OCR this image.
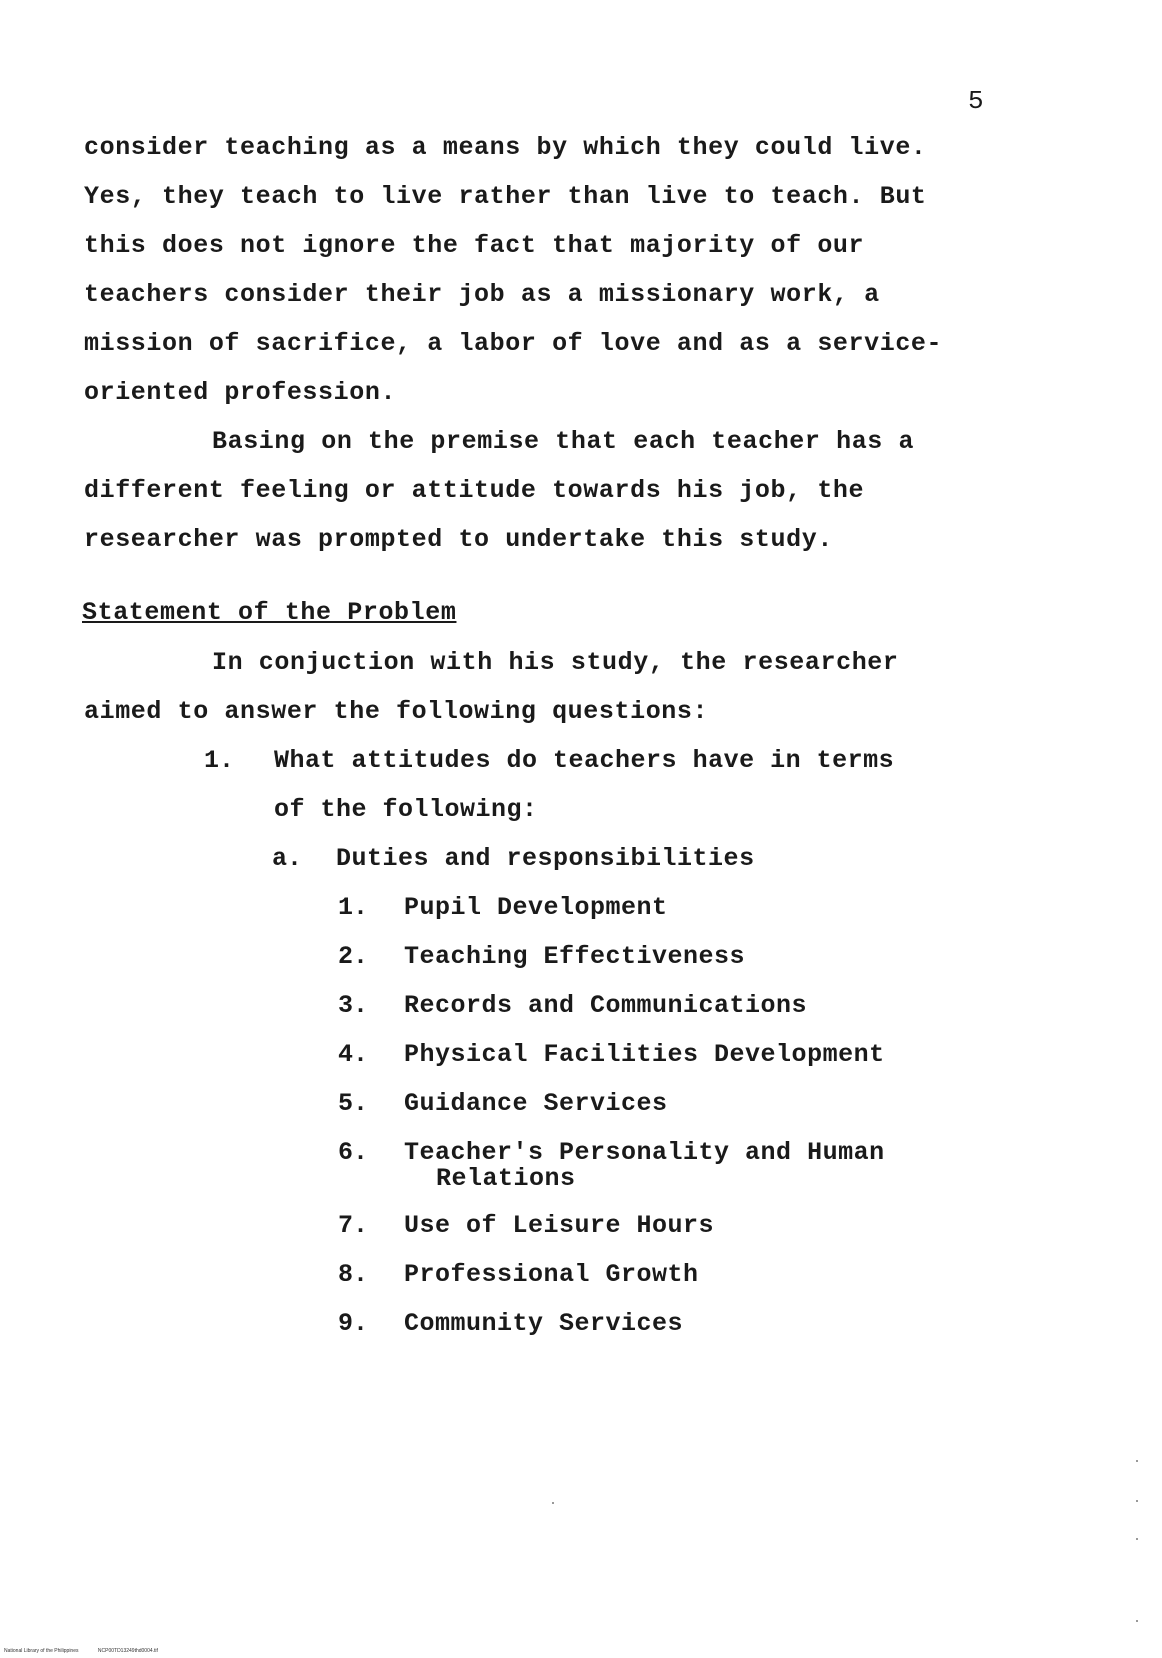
5
consider teaching as a means by which they could live.
Yes, they teach to live rather than live to teach. But
this does not ignore the fact that majority of our
teachers consider their job as a missionary work, a
mission of sacrifice, a labor of love and as a service-
oriented profession.
Basing on the premise that each teacher has a
different feeling or attitude towards his job, the
researcher was prompted to undertake this study.
Statement of the Problem
In conjuction with his study, the researcher
aimed to answer the following questions:
1. What attitudes do teachers have in terms
of the following:
a. Duties and responsibilities
1. Pupil Development
2. Teaching Effectiveness
3. Records and Communications
4. Physical Facilities Development
5. Guidance Services
6. Teacher's Personality and Human
Relations
7. Use of Leisure Hours
8. Professional Growth
9. Community Services
National Library of the Philippines	NCP00TD13249thd0004.tif
